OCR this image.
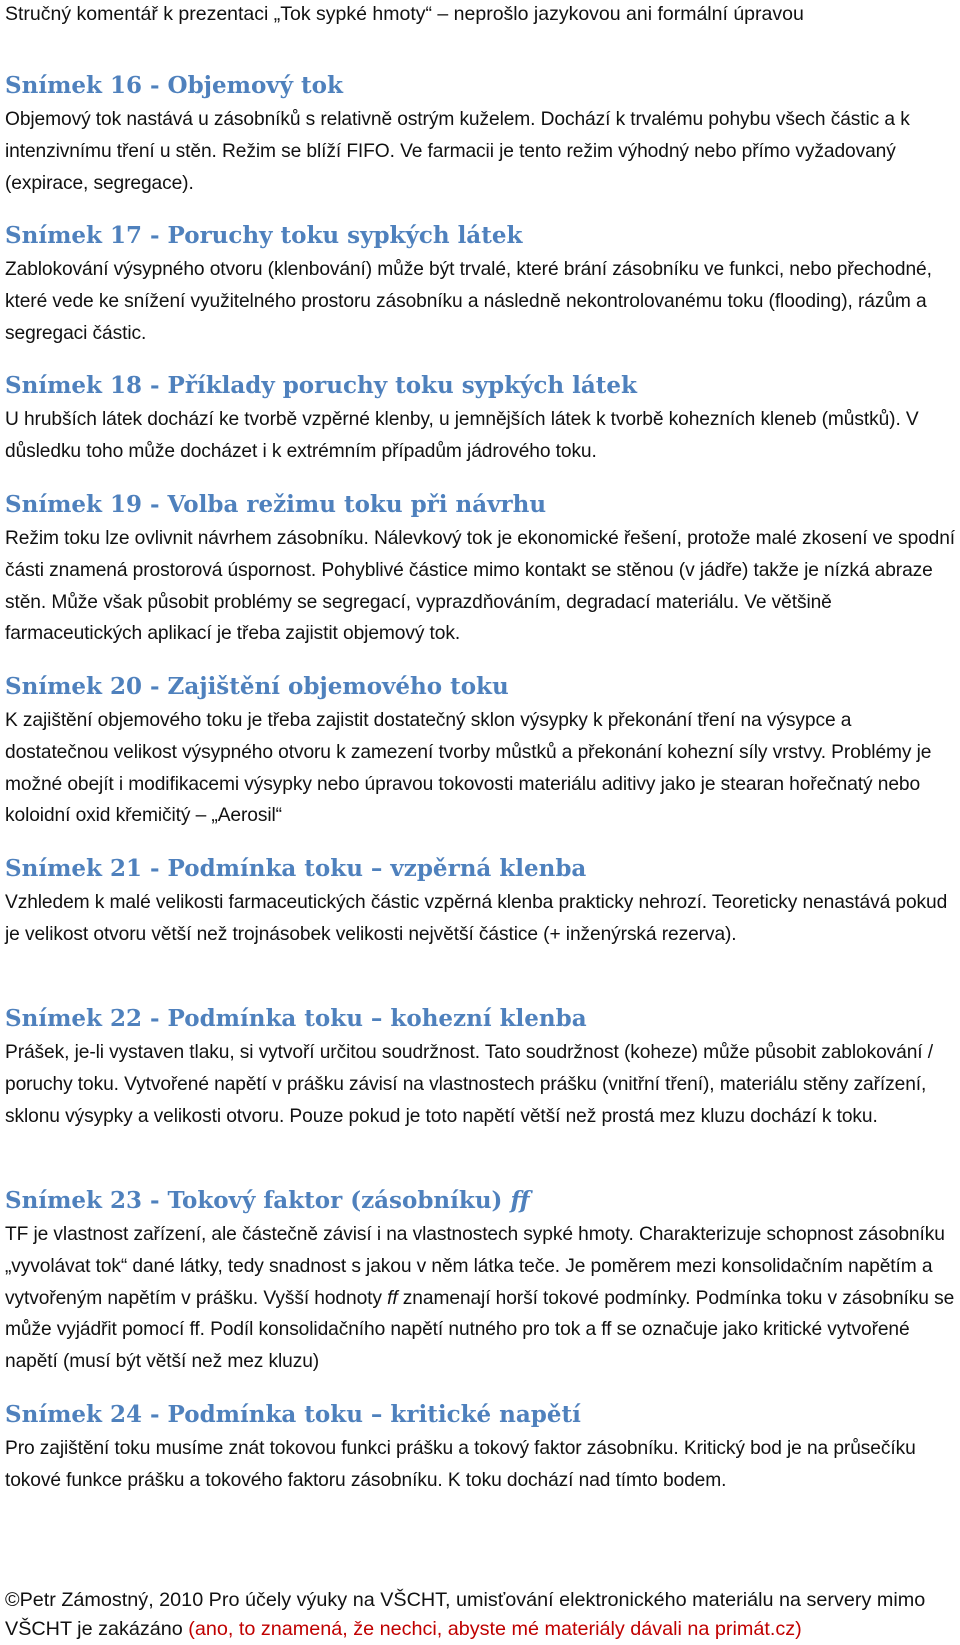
Stručný komentář k prezentaci „Tok sypké hmoty“ – neprošlo jazykovou ani formální úpravou
Snímek 16 - Objemový tok

Objemový tok nastává u zásobníků s relativně ostrým kuželem. Dochází k trvalému pohybu všech částic a k intenzivnímu tření u stěn. Režim se blíží FIFO. Ve farmacii je tento režim výhodný nebo přímo vyžadovaný (expirace, segregace).

Snímek 17 - Poruchy toku sypkých látek

Zablokování výsypného otvoru (klenbování) může být trvalé, které brání zásobníku ve funkci, nebo přechodné, které vede ke snížení využitelného prostoru zásobníku a následně nekontrolovanému toku (flooding), rázům a segregaci částic.

Snímek 18 - Příklady poruchy toku sypkých látek

U hrubších látek dochází ke tvorbě vzpěrné klenby, u jemnějších látek k tvorbě kohezních kleneb (můstků). V důsledku toho může docházet i k extrémním případům jádrového toku.

Snímek 19 - Volba režimu toku při návrhu

Režim toku lze ovlivnit návrhem zásobníku. Nálevkový tok je ekonomické řešení, protože malé zkosení ve spodní části znamená prostorová úspornost. Pohyblivé částice mimo kontakt se stěnou (v jádře) takže je nízká abraze stěn. Může však působit problémy se segregací, vyprazdňováním, degradací materiálu. Ve většině farmaceutických aplikací je třeba zajistit objemový tok.

Snímek 20 - Zajištění objemového toku

K zajištění objemového toku je třeba zajistit dostatečný sklon výsypky k překonání tření na výsypce a dostatečnou velikost výsypného otvoru k zamezení tvorby můstků a překonání kohezní síly vrstvy. Problémy je možné obejít i modifikacemi výsypky nebo úpravou tokovosti materiálu aditivy jako je stearan hořečnatý nebo koloidní oxid křemičitý – „Aerosil“

Snímek 21 - Podmínka toku – vzpěrná klenba

Vzhledem k malé velikosti farmaceutických částic vzpěrná klenba prakticky nehrozí. Teoreticky nenastává pokud je velikost otvoru větší než trojnásobek velikosti největší částice (+ inženýrská rezerva).

Snímek 22 - Podmínka toku – kohezní klenba

Prášek, je-li vystaven tlaku, si vytvoří určitou soudržnost. Tato soudržnost (koheze) může působit zablokování / poruchy toku. Vytvořené napětí v prášku závisí na vlastnostech prášku (vnitřní tření), materiálu stěny zařízení, sklonu výsypky a velikosti otvoru. Pouze pokud je toto napětí větší než prostá mez kluzu dochází k toku.

Snímek 23 - Tokový faktor (zásobníku) ff

TF je vlastnost zařízení, ale částečně závisí i na vlastnostech sypké hmoty. Charakterizuje schopnost zásobníku „vyvolávat tok“ dané látky, tedy snadnost s jakou v něm látka teče. Je poměrem mezi konsolidačním napětím a vytvořeným napětím v prášku. Vyšší hodnoty ff znamenají horší tokové podmínky. Podmínka toku v zásobníku se může vyjádřit pomocí ff. Podíl konsolidačního napětí nutného pro tok a ff se označuje jako kritické vytvořené napětí (musí být větší než mez kluzu)

Snímek 24 - Podmínka toku – kritické napětí

Pro zajištění toku musíme znát tokovou funkci prášku a tokový faktor zásobníku. Kritický bod je na průsečíku tokové funkce prášku a tokového faktoru zásobníku. K toku dochází nad tímto bodem.

©Petr Zámostný, 2010 Pro účely výuky na VŠCHT, umisťování elektronického materiálu na servery mimo VŠCHT je zakázáno (ano, to znamená, že nechci, abyste mé materiály dávali na primát.cz)
